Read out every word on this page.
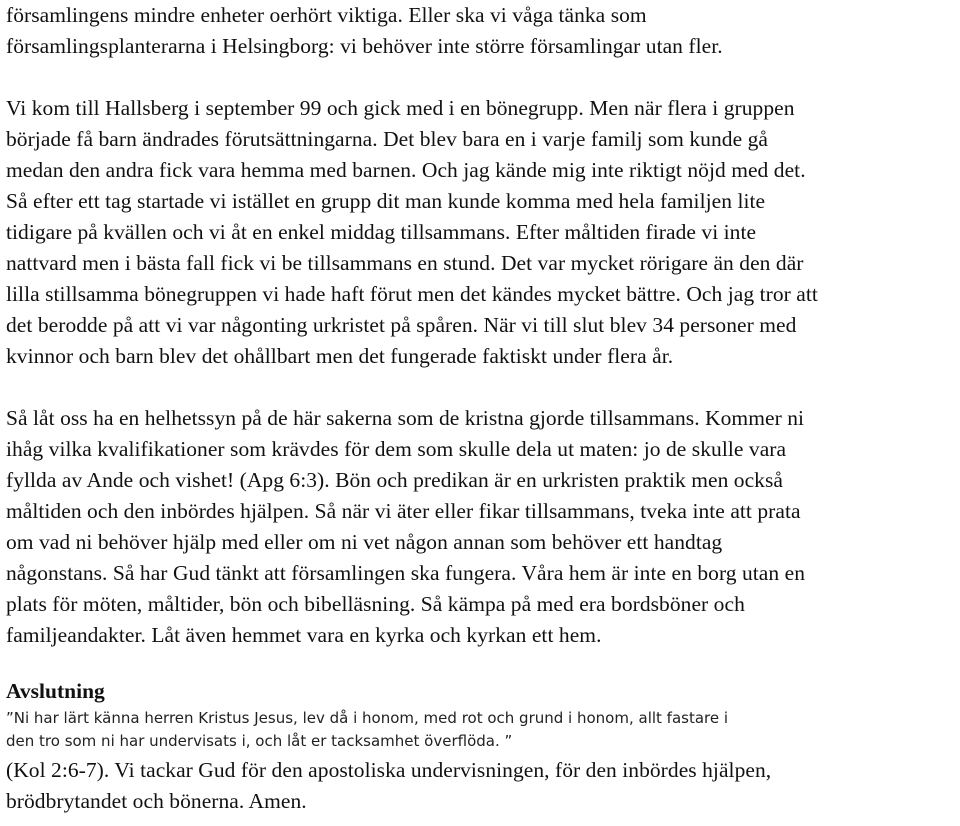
församlingens mindre enheter oerhört viktiga. Eller ska vi våga tänka som
församlingsplanterarna i Helsingborg: vi behöver inte större församlingar utan fler.
Vi kom till Hallsberg i september 99 och gick med i en bönegrupp. Men när flera i gruppen
började få barn ändrades förutsättningarna. Det blev bara en i varje familj som kunde gå
medan den andra fick vara hemma med barnen. Och jag kände mig inte riktigt nöjd med det.
Så efter ett tag startade vi istället en grupp dit man kunde komma med hela familjen lite
tidigare på kvällen och vi åt en enkel middag tillsammans. Efter måltiden firade vi inte
nattvard men i bästa fall fick vi be tillsammans en stund. Det var mycket rörigare än den där
lilla stillsamma bönegruppen vi hade haft förut men det kändes mycket bättre. Och jag tror att
det berodde på att vi var någonting urkristet på spåren. När vi till slut blev 34 personer med
kvinnor och barn blev det ohållbart men det fungerade faktiskt under flera år.
Så låt oss ha en helhetssyn på de här sakerna som de kristna gjorde tillsammans. Kommer ni
ihåg vilka kvalifikationer som krävdes för dem som skulle dela ut maten: jo de skulle vara
fyllda av Ande och vishet! (Apg 6:3). Bön och predikan är en urkristen praktik men också
måltiden och den inbördes hjälpen. Så när vi äter eller fikar tillsammans, tveka inte att prata
om vad ni behöver hjälp med eller om ni vet någon annan som behöver ett handtag
någonstans. Så har Gud tänkt att församlingen ska fungera. Våra hem är inte en borg utan en
plats för möten, måltider, bön och bibelläsning. Så kämpa på med era bordsböner och
familjeandakter. Låt även hemmet vara en kyrka och kyrkan ett hem.
Avslutning
”Ni har lärt känna herren Kristus Jesus, lev då i honom, med rot och grund i honom, allt fastare i
den tro som ni har undervisats i, och låt er tacksamhet överflöda. ”
(Kol 2:6-7). Vi tackar Gud för den apostoliska undervisningen, för den inbördes hjälpen,
brödbrytandet och bönerna. Amen.
